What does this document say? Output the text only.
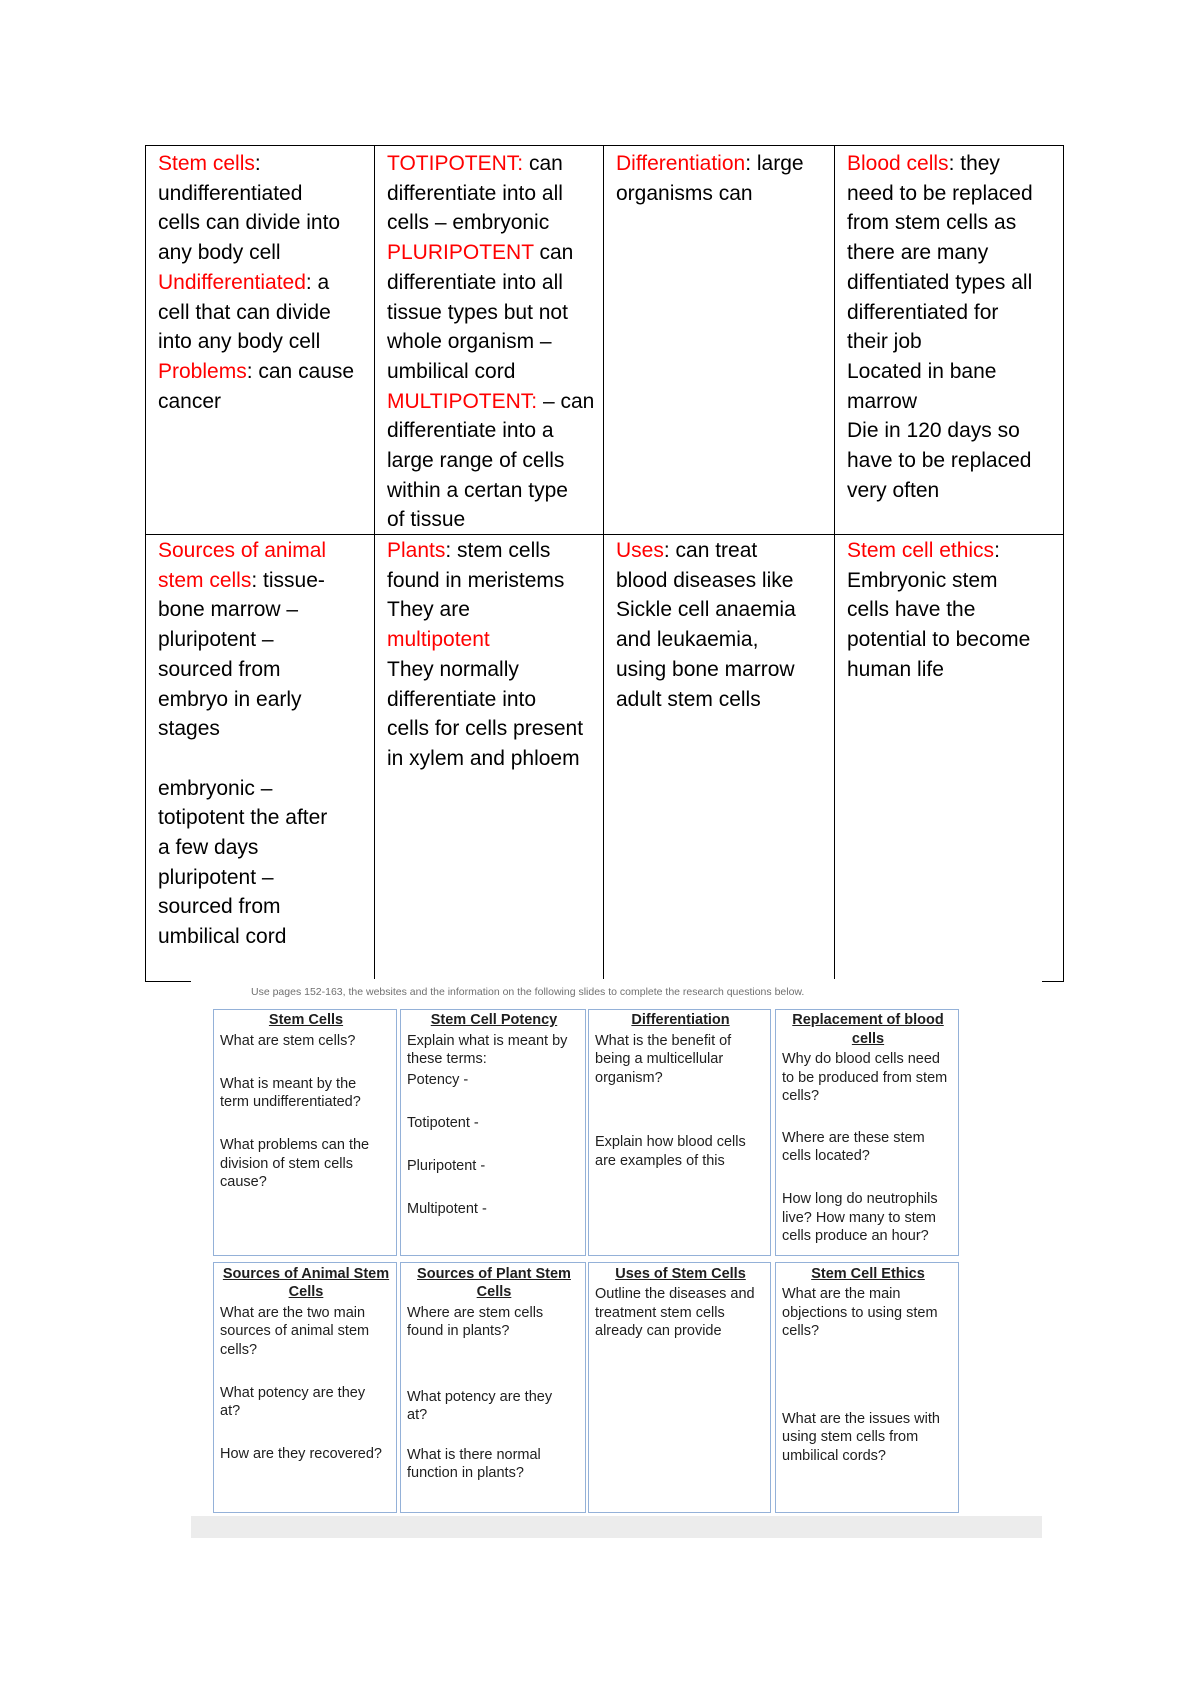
Stem cells:
undifferentiated
cells can divide into
any body cell
Undifferentiated: a
cell that can divide
into any body cell
Problems: can cause
cancer
TOTIPOTENT: can
differentiate into all
cells – embryonic
PLURIPOTENT can
differentiate into all
tissue types but not
whole organism –
umbilical cord
MULTIPOTENT: – can
differentiate into a
large range of cells
within a certan type
of tissue
Differentiation: large
organisms can
Blood cells: they
need to be replaced
from stem cells as
there are many
diffentiated types all
differentiated for
their job
Located in bane
marrow
Die in 120 days so
have to be replaced
very often
Sources of animal
stem cells: tissue-
bone marrow –
pluripotent –
sourced from
embryo in early
stages
embryonic –
totipotent the after
a few days
pluripotent –
sourced from
umbilical cord
Plants: stem cells
found in meristems
They are
multipotent
They normally
differentiate into
cells for cells present
in xylem and phloem
Uses: can treat
blood diseases like
Sickle cell anaemia
and leukaemia,
using bone marrow
adult stem cells
Stem cell ethics:
Embryonic stem
cells have the
potential to become
human life
Use pages 152-163, the websites and the information on the following slides to complete the research questions below.
Stem Cells
What are stem cells?
What is meant by the
term undifferentiated?
What problems can the
division of stem cells
cause?
Stem Cell Potency
Explain what is meant by
these terms:
Potency -
Totipotent -
Pluripotent -
Multipotent -
Differentiation
What is the benefit of
being a multicellular
organism?
Explain how blood cells
are examples of this
Replacement of blood
cells
Why do blood cells need
to be produced from stem
cells?
Where are these stem
cells located?
How long do neutrophils
live? How many to stem
cells produce an hour?
Sources of Animal Stem
Cells
What are the two main
sources of animal stem
cells?
What potency are they
at?
How are they recovered?
Sources of Plant Stem
Cells
Where are stem cells
found in plants?
What potency are they
at?
What is there normal
function in plants?
Uses of Stem Cells
Outline the diseases and
treatment stem cells
already can provide
Stem Cell Ethics
What are the main
objections to using stem
cells?
What are the issues with
using stem cells from
umbilical cords?
